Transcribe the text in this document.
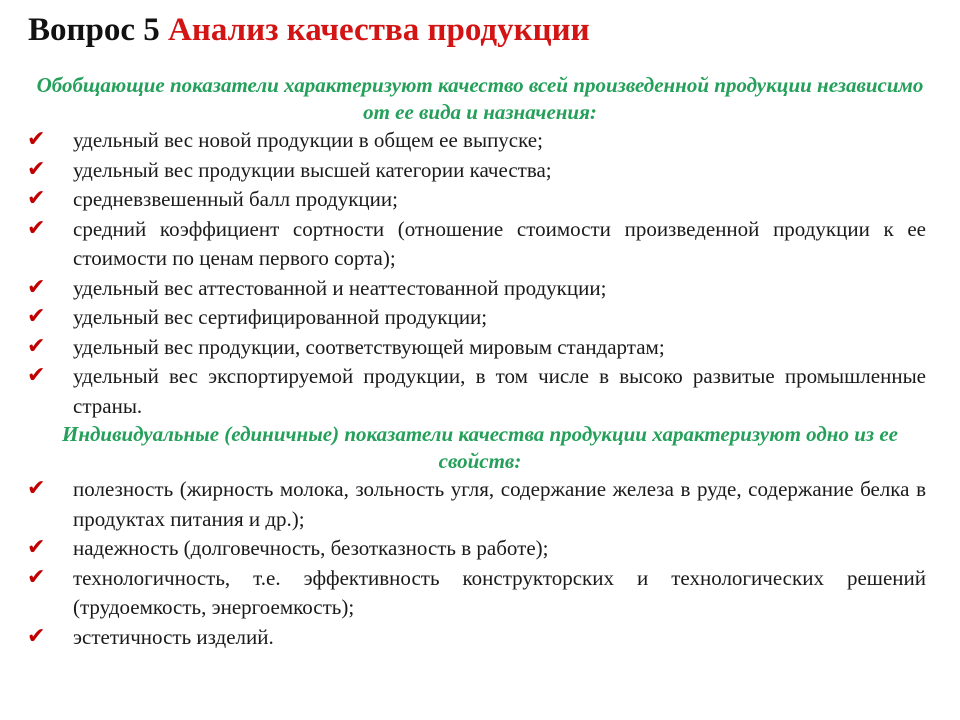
Вопрос 5 Анализ качества продукции

Обобщающие показатели характеризуют качество всей произведенной продукции независимо от ее вида и назначения:

✔ удельный вес новой продукции в общем ее выпуске;
✔ удельный вес продукции высшей категории качества;
✔ средневзвешенный балл продукции;
✔ средний коэффициент сортности (отношение стоимости произведенной продукции к ее стоимости по ценам первого сорта);
✔ удельный вес аттестованной и неаттестованной продукции;
✔ удельный вес сертифицированной продукции;
✔ удельный вес продукции, соответствующей мировым стандартам;
✔ удельный вес экспортируемой продукции, в том числе в высоко развитые промышленные страны.

Индивидуальные (единичные) показатели качества продукции характеризуют одно из ее свойств:

✔ полезность (жирность молока, зольность угля, содержание железа в руде, содержание белка в продуктах питания и др.);
✔ надежность (долговечность, безотказность в работе);
✔ технологичность, т.е. эффективность конструкторских и технологических решений (трудоемкость, энергоемкость);
✔ эстетичность изделий.
